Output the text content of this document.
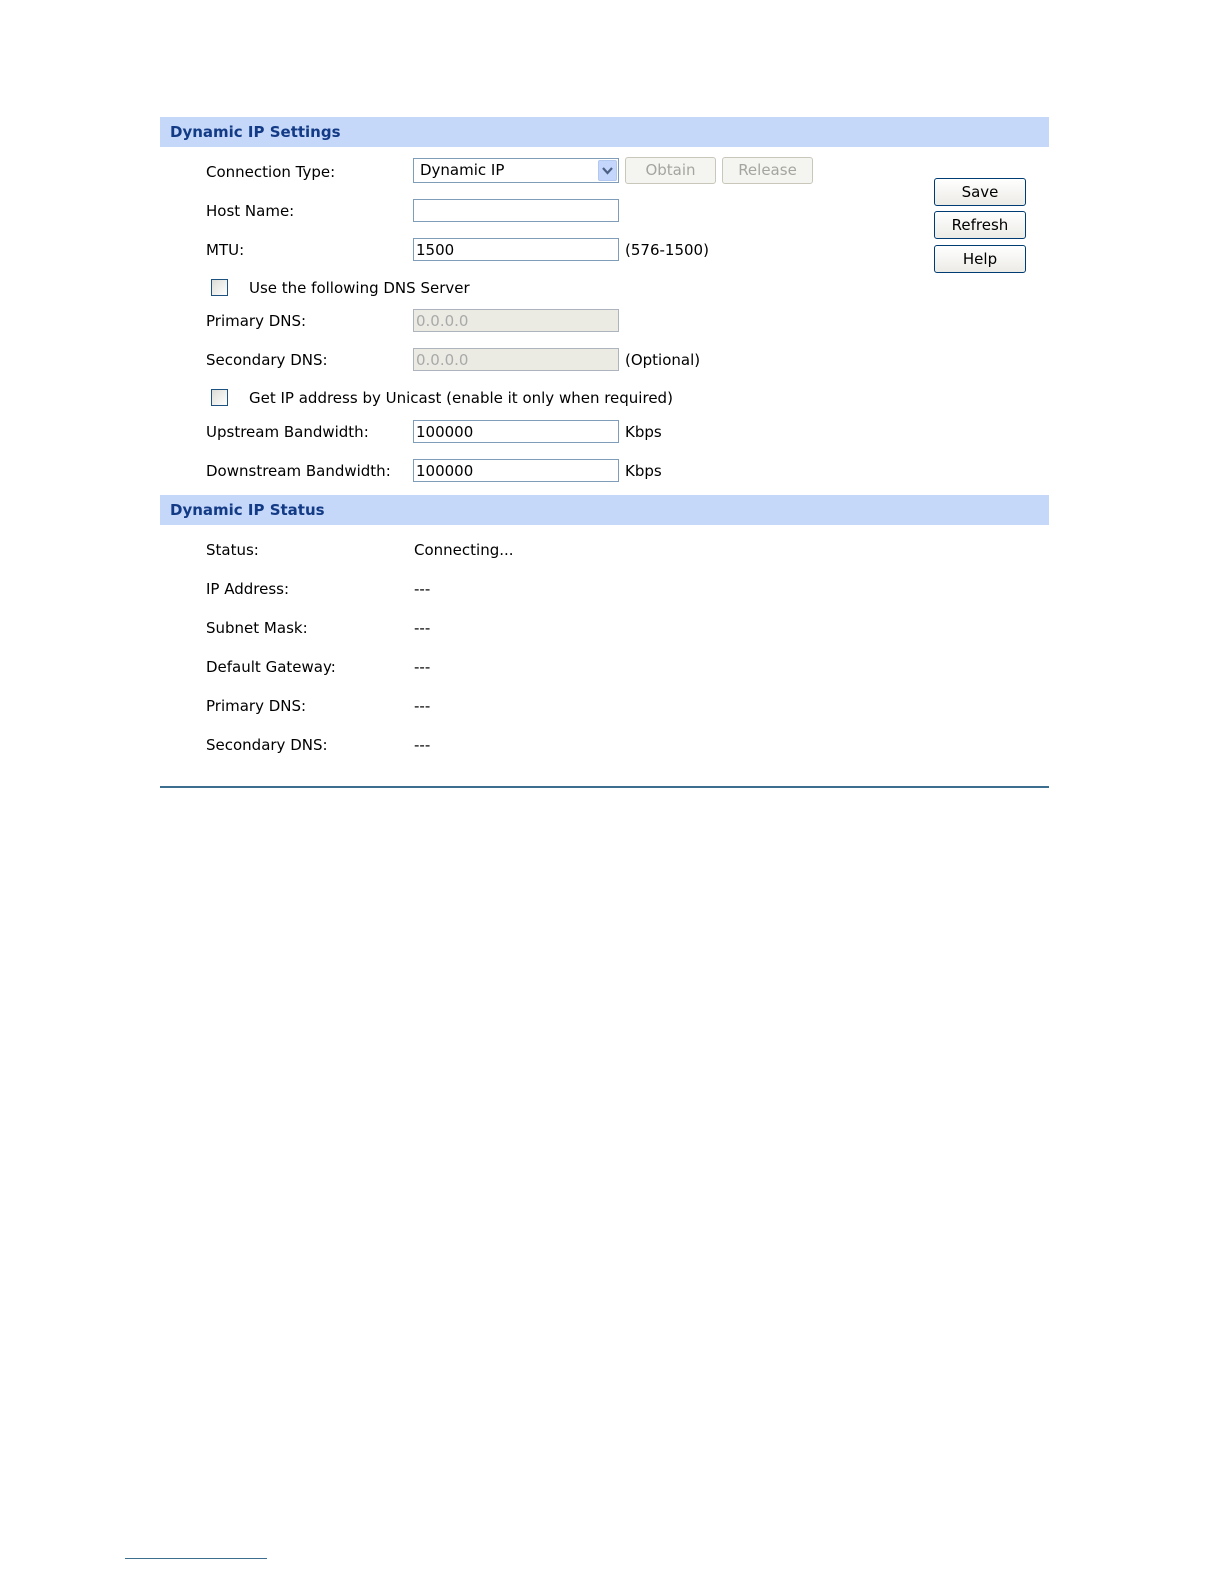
Dynamic IP Settings
Connection Type:	Dynamic IP	Obtain	Release
Host Name:
MTU:
1500	(576-1500)
Use the following DNS Server
Primary DNS:
0.0.0.0
Secondary DNS:
0.0.0.0	(Optional)
Get IP address by Unicast (enable it only when required)
Upstream Bandwidth:
100000	Kbps
Downstream Bandwidth:
100000	Kbps
Save
Refresh
Help
Dynamic IP Status
Status:	Connecting...
IP Address:	---
Subnet Mask:	---
Default Gateway:	---
Primary DNS:	---
Secondary DNS:	---
